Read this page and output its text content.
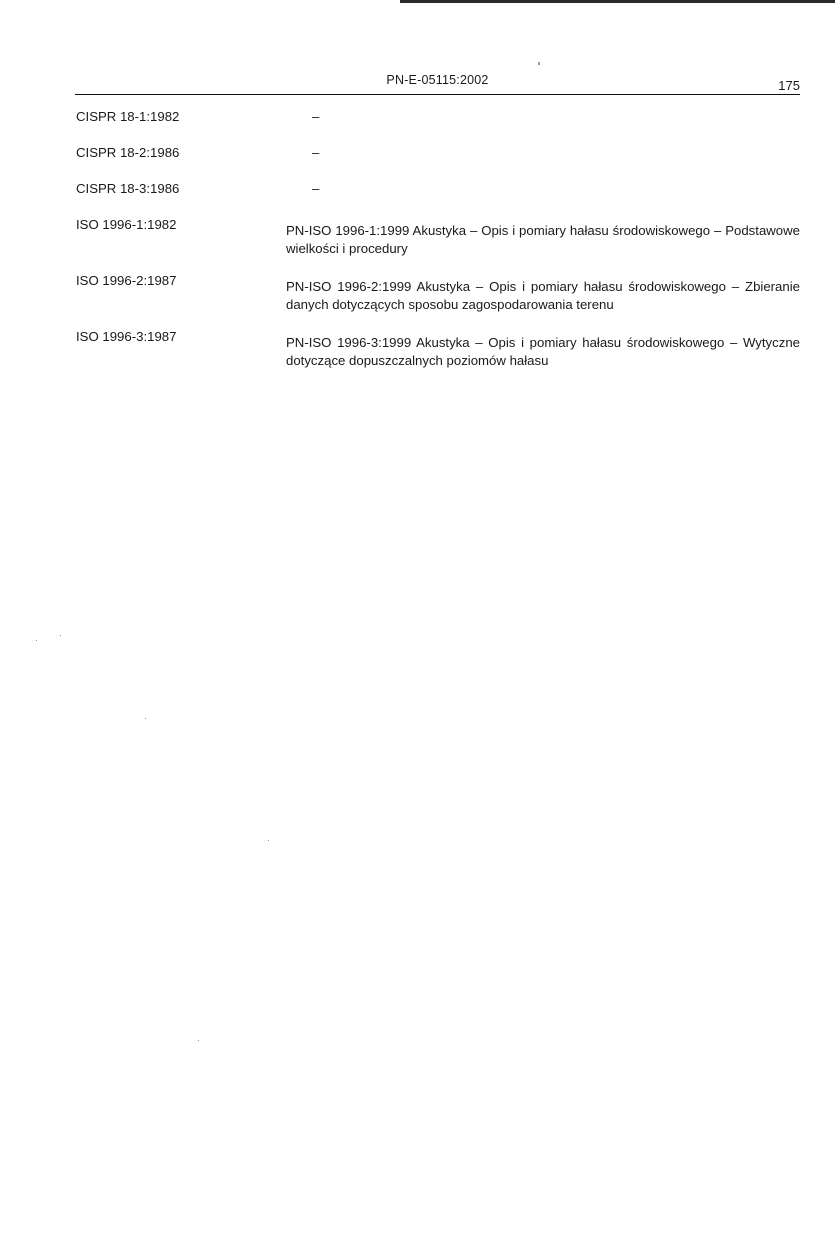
PN-E-05115:2002	175
CISPR 18-1:1982	–
CISPR 18-2:1986	–
CISPR 18-3:1986	–
ISO 1996-1:1982	PN-ISO 1996-1:1999 Akustyka – Opis i pomiary hałasu środowiskowego – Podstawowe wielkości i procedury
ISO 1996-2:1987	PN-ISO 1996-2:1999 Akustyka – Opis i pomiary hałasu środowiskowego – Zbieranie danych dotyczących sposobu zagospodarowania terenu
ISO 1996-3:1987	PN-ISO 1996-3:1999 Akustyka – Opis i pomiary hałasu środowiskowego – Wytyczne dotyczące dopuszczalnych poziomów hałasu
